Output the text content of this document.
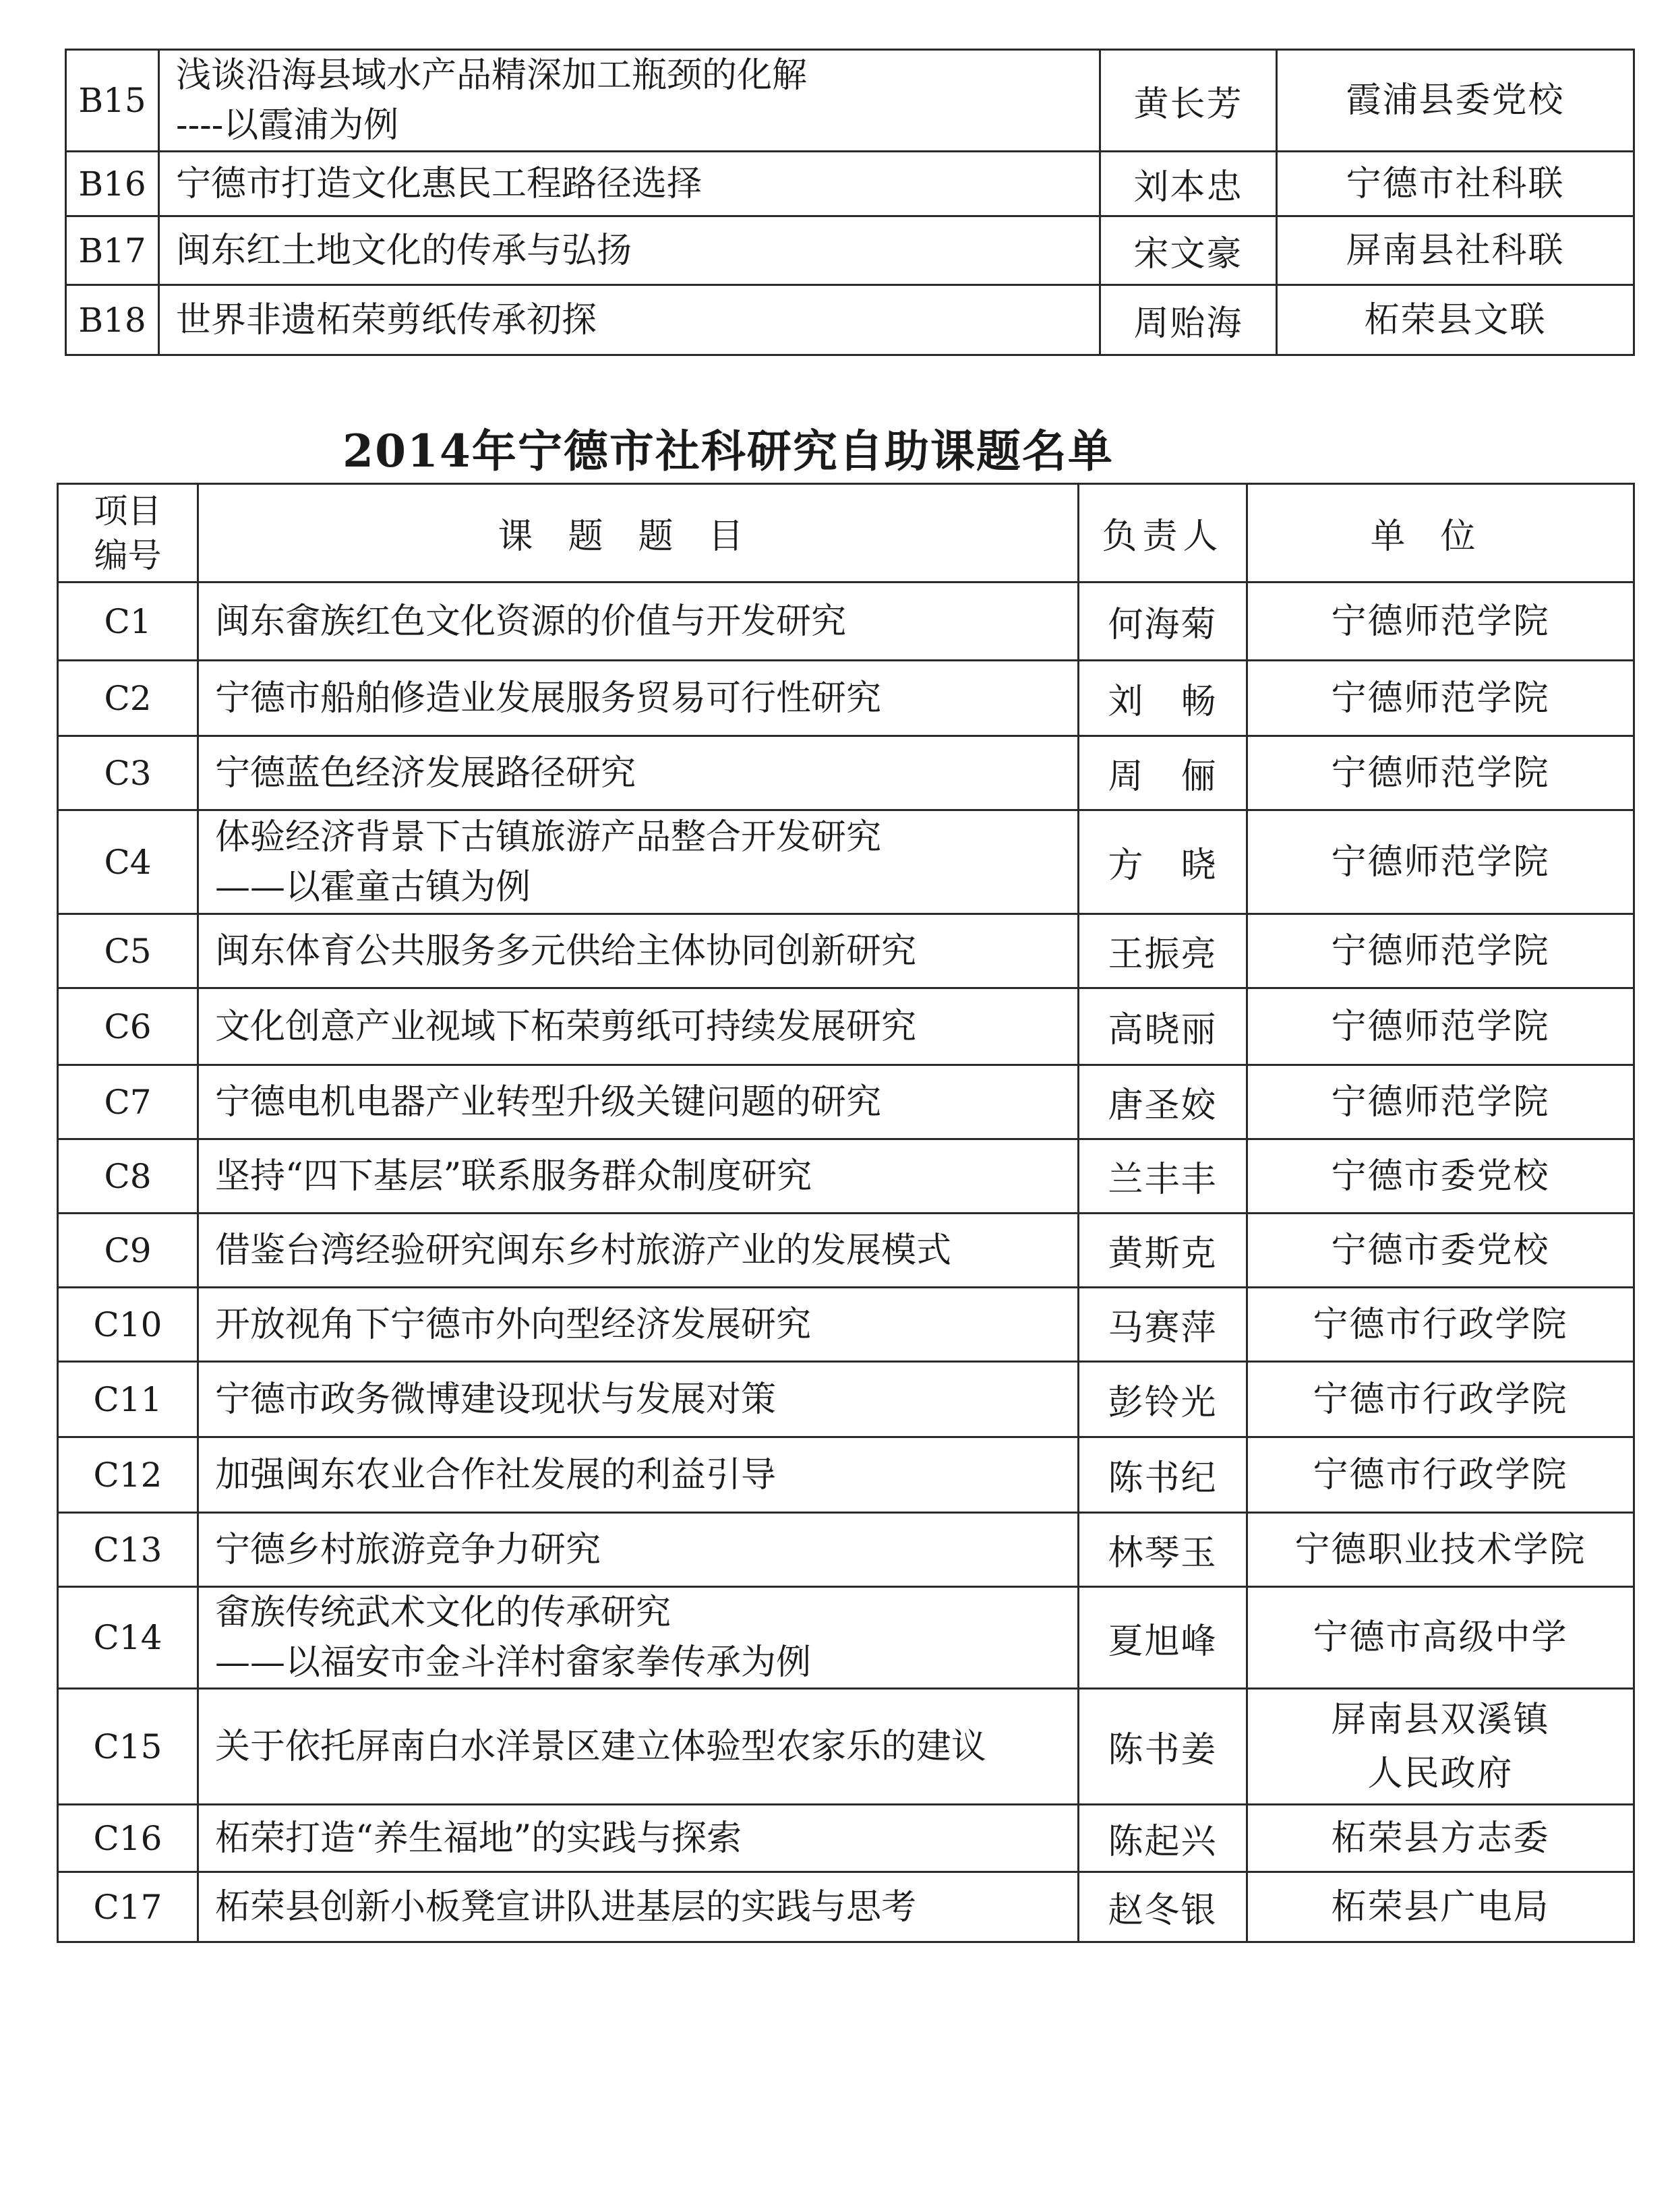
B15	浅谈沿海县域水产品精深加工瓶颈的化解
----以霞浦为例	黄长芳	霞浦县委党校

B16	宁德市打造文化惠民工程路径选择	刘本忠	宁德市社科联

B17	闽东红土地文化的传承与弘扬	宋文豪	屏南县社科联

B18	世界非遗柘荣剪纸传承初探	周贻海	柘荣县文联
2014年宁德市社科研究自助课题名单
项目
编号	课题题目	负责人	单位
C1	闽东畲族红色文化资源的价值与开发研究	何海菊	宁德师范学院

C2	宁德市船舶修造业发展服务贸易可行性研究	刘　畅	宁德师范学院

C3	宁德蓝色经济发展路径研究	周　俪	宁德师范学院

C4	体验经济背景下古镇旅游产品整合开发研究
——以霍童古镇为例	方　晓	宁德师范学院

C5	闽东体育公共服务多元供给主体协同创新研究	王振亮	宁德师范学院

C6	文化创意产业视域下柘荣剪纸可持续发展研究	高晓丽	宁德师范学院

C7	宁德电机电器产业转型升级关键问题的研究	唐圣姣	宁德师范学院

C8	坚持“四下基层”联系服务群众制度研究	兰丰丰	宁德市委党校

C9	借鉴台湾经验研究闽东乡村旅游产业的发展模式	黄斯克	宁德市委党校

C10	开放视角下宁德市外向型经济发展研究	马赛萍	宁德市行政学院

C11	宁德市政务微博建设现状与发展对策	彭铃光	宁德市行政学院

C12	加强闽东农业合作社发展的利益引导	陈书纪	宁德市行政学院

C13	宁德乡村旅游竞争力研究	林琴玉	宁德职业技术学院

C14	畲族传统武术文化的传承研究
——以福安市金斗洋村畲家拳传承为例	夏旭峰	宁德市高级中学

C15	关于依托屏南白水洋景区建立体验型农家乐的建议	陈书姜	屏南县双溪镇
人民政府

C16	柘荣打造“养生福地”的实践与探索	陈起兴	柘荣县方志委

C17	柘荣县创新小板凳宣讲队进基层的实践与思考	赵冬银	柘荣县广电局
